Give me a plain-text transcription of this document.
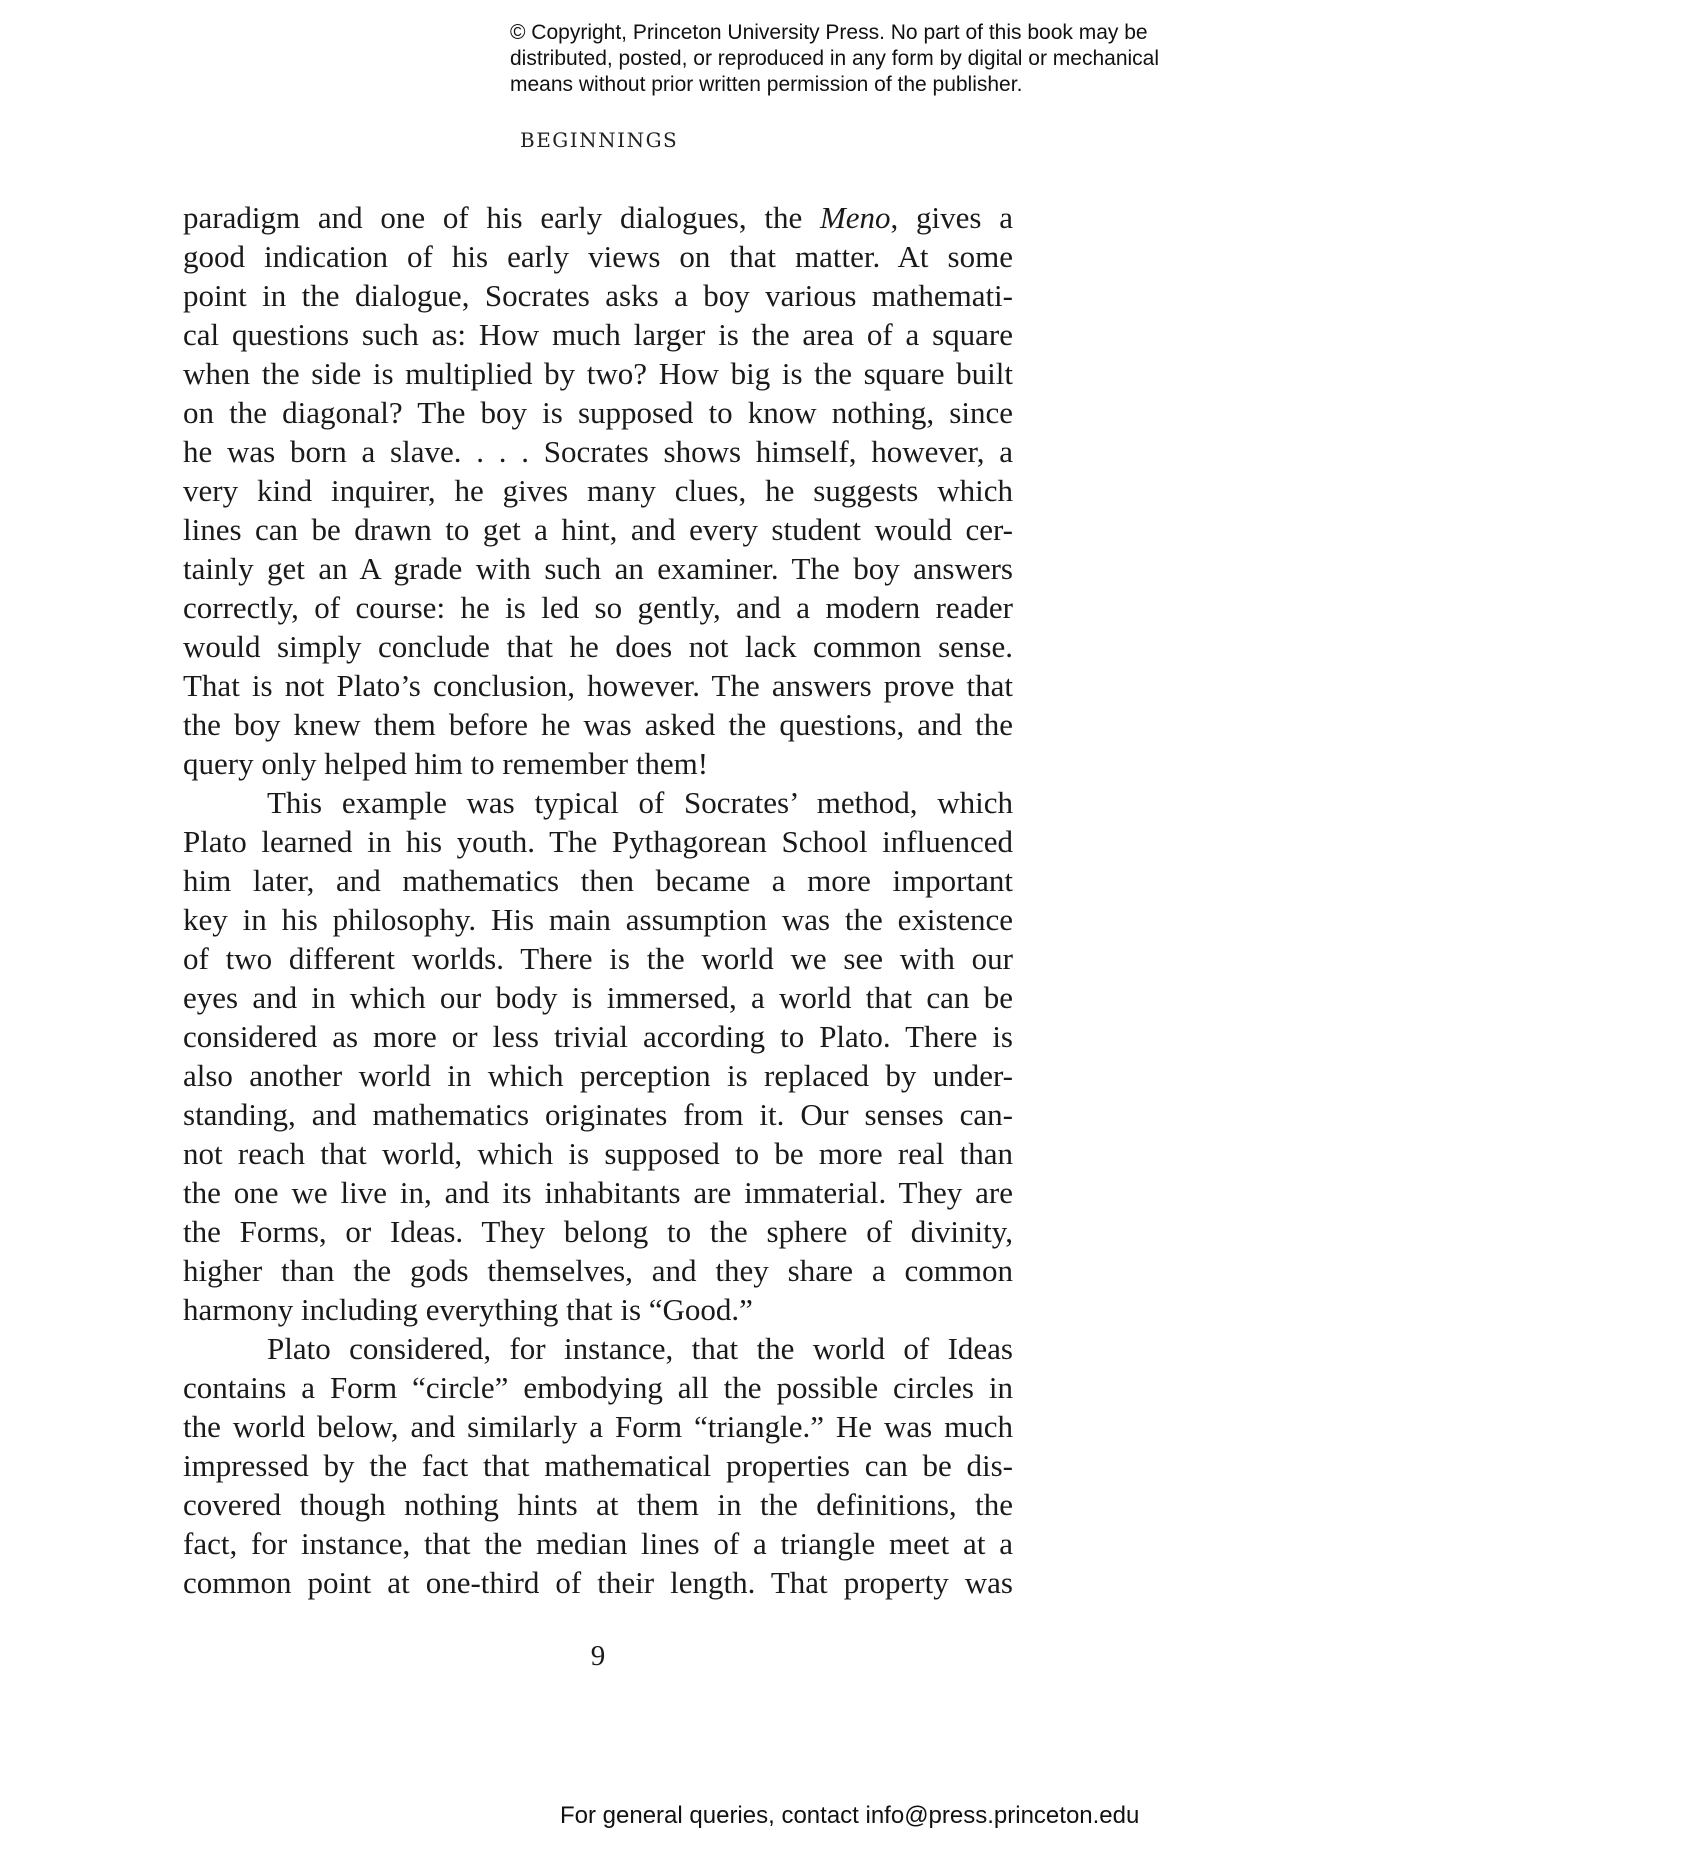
© Copyright, Princeton University Press. No part of this book may be
distributed, posted, or reproduced in any form by digital or mechanical
means without prior written permission of the publisher.
BEGINNINGS
paradigm and one of his early dialogues, the Meno, gives a
good indication of his early views on that matter. At some
point in the dialogue, Socrates asks a boy various mathemati-
cal questions such as: How much larger is the area of a square
when the side is multiplied by two? How big is the square built
on the diagonal? The boy is supposed to know nothing, since
he was born a slave. . . . Socrates shows himself, however, a
very kind inquirer, he gives many clues, he suggests which
lines can be drawn to get a hint, and every student would cer-
tainly get an A grade with such an examiner. The boy answers
correctly, of course: he is led so gently, and a modern reader
would simply conclude that he does not lack common sense.
That is not Plato’s conclusion, however. The answers prove that
the boy knew them before he was asked the questions, and the
query only helped him to remember them!
This example was typical of Socrates’ method, which
Plato learned in his youth. The Pythagorean School influenced
him later, and mathematics then became a more important
key in his philosophy. His main assumption was the existence
of two different worlds. There is the world we see with our
eyes and in which our body is immersed, a world that can be
considered as more or less trivial according to Plato. There is
also another world in which perception is replaced by under-
standing, and mathematics originates from it. Our senses can-
not reach that world, which is supposed to be more real than
the one we live in, and its inhabitants are immaterial. They are
the Forms, or Ideas. They belong to the sphere of divinity,
higher than the gods themselves, and they share a common
harmony including everything that is “Good.”
Plato considered, for instance, that the world of Ideas
contains a Form “circle” embodying all the possible circles in
the world below, and similarly a Form “triangle.” He was much
impressed by the fact that mathematical properties can be dis-
covered though nothing hints at them in the definitions, the
fact, for instance, that the median lines of a triangle meet at a
common point at one-third of their length. That property was
9
For general queries, contact info@press.princeton.edu
